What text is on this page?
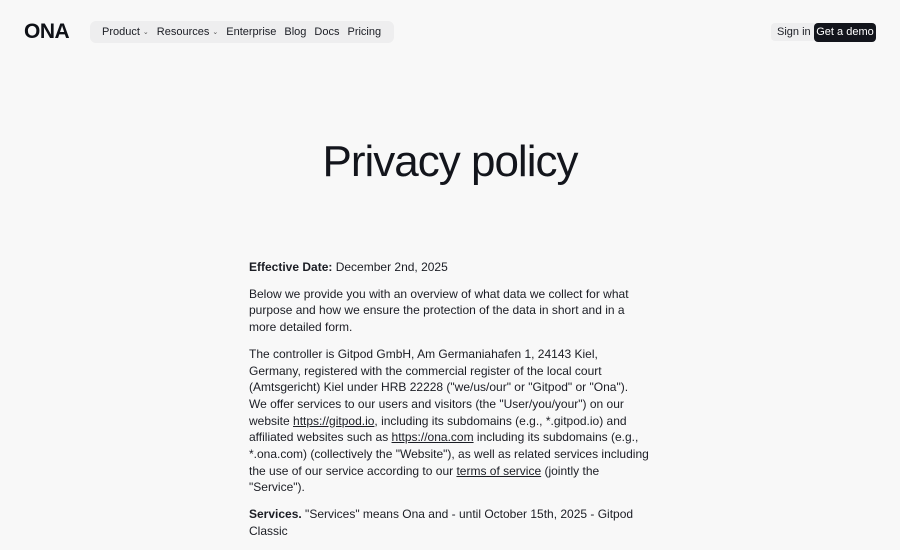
ONA	Product ⌄ Resources ⌄ Enterprise Blog Docs Pricing	Sign in Get a demo
Privacy policy

Effective Date: December 2nd, 2025

Below we provide you with an overview of what data we collect for what purpose and how we ensure the protection of the data in short and in a more detailed form.

The controller is Gitpod GmbH, Am Germaniahafen 1, 24143 Kiel, Germany, registered with the commercial register of the local court (Amtsgericht) Kiel under HRB 22228 ("we/us/our" or "Gitpod" or "Ona"). We offer services to our users and visitors (the "User/you/your") on our website https://gitpod.io, including its subdomains (e.g., *.gitpod.io) and affiliated websites such as https://ona.com including its subdomains (e.g., *.ona.com) (collectively the "Website"), as well as related services including the use of our service according to our terms of service (jointly the "Service").

Services. "Services" means Ona and - until October 15th, 2025 - Gitpod Classic
